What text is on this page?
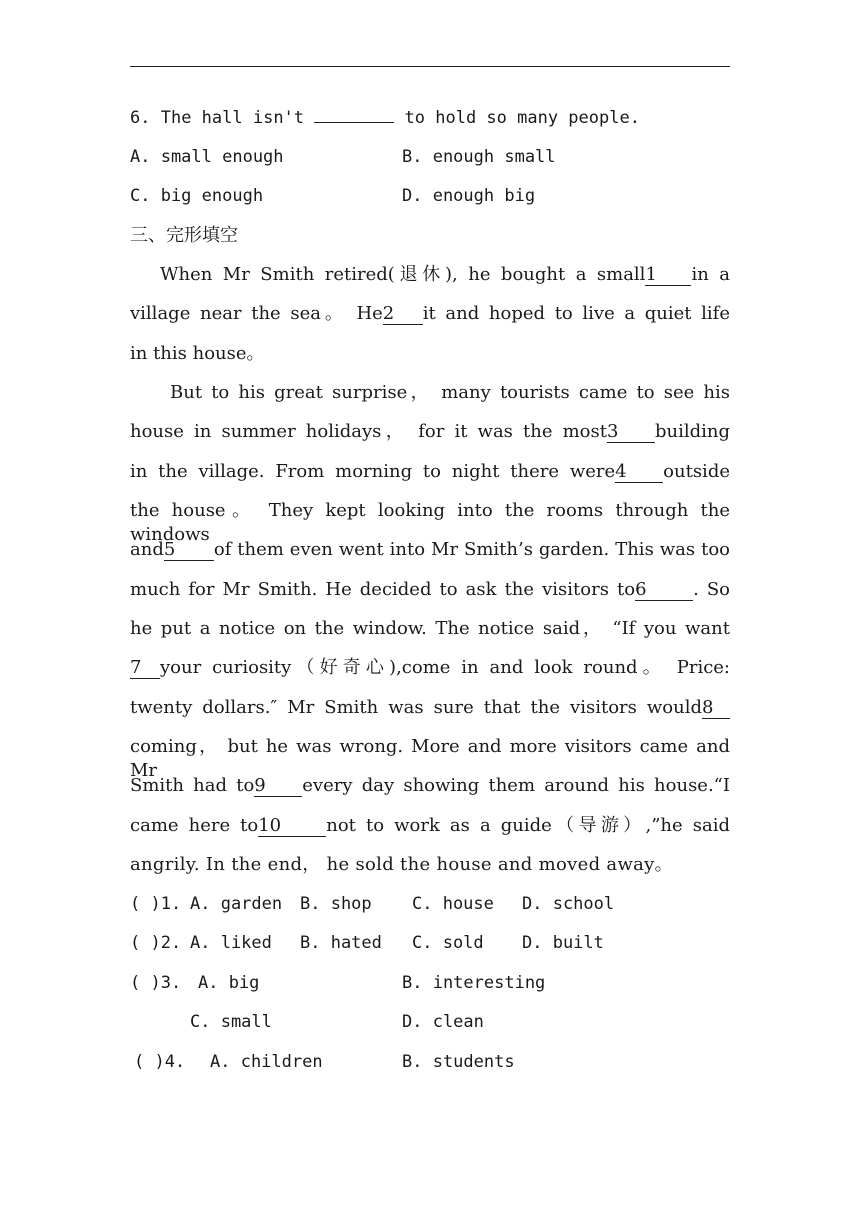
6. The hall isn't	to hold so many people.
A. small enough	B. enough small
C. big enough	D. enough big
三、完形填空
When Mr Smith retired(退休), he bought a small1 in a
village near the sea。 He2 it and hoped to live a quiet life
in this house。
But to his great surprise， many tourists came to see his
house in summer holidays， for it was the most3 building
in the village. From morning to night there were4 outside
the house。 They kept looking into the rooms through the windows
and5 of them even went into Mr Smith’s garden. This was too
much for Mr Smith. He decided to ask the visitors to6	. So
he put a notice on the window. The notice said， “If you want
7 your curiosity（好奇心),come in and look round。 Price:
twenty dollars.″ Mr Smith was sure that the visitors would8
coming， but he was wrong. More and more visitors came and Mr
Smith had to9 every day showing them around his house.“I
came here to10	not to work as a guide（导游）,”he said
angrily. In the end， he sold the house and moved away。
( )1. A. garden B. shop C. house D. school
( )2. A. liked B. hated C. sold D. built
( )3. A. big	B. interesting
C. small	D. clean
( )4. A. children	B. students
